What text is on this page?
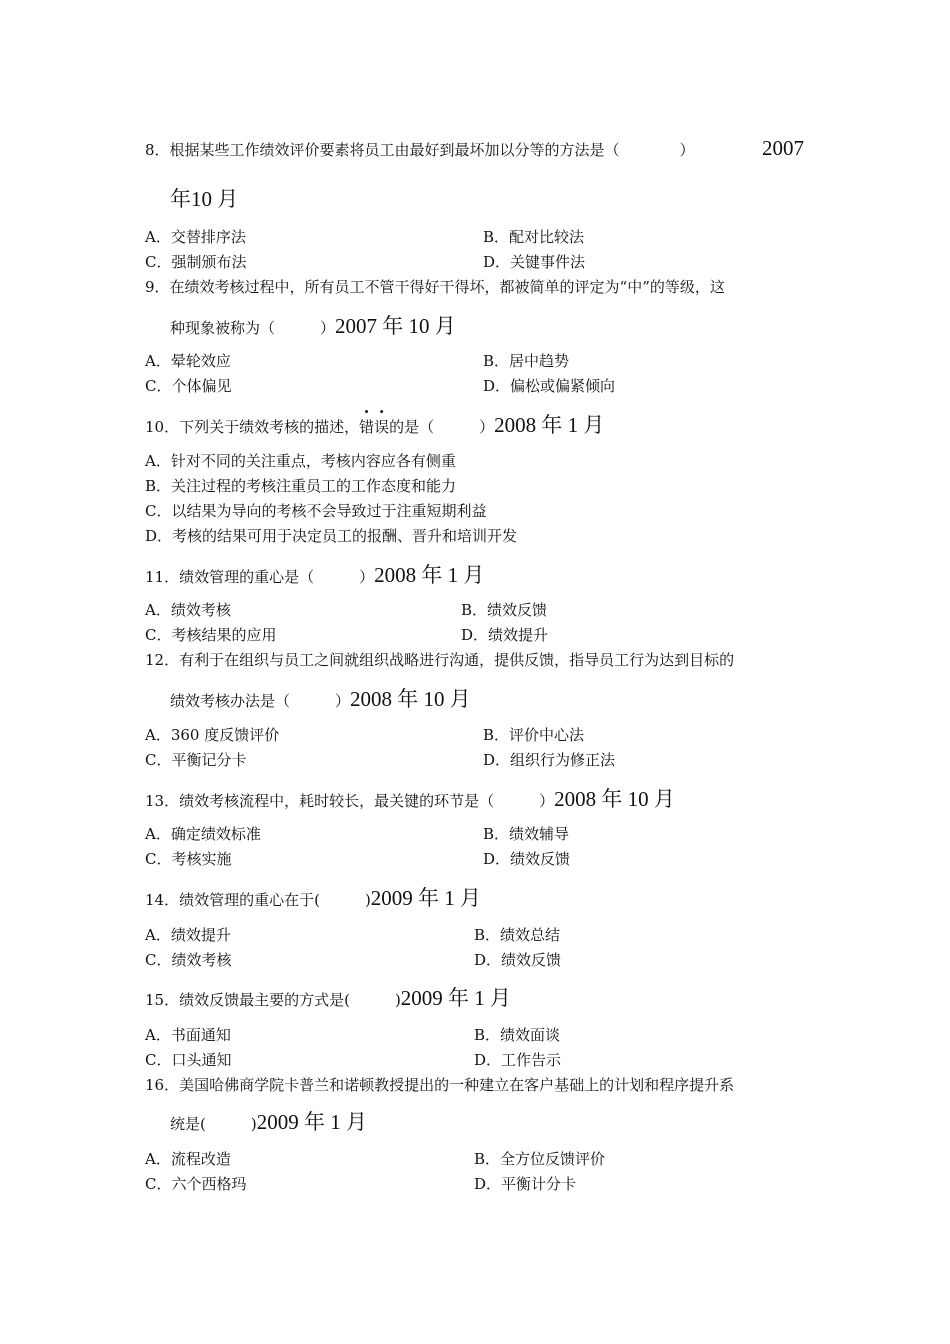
8．根据某些工作绩效评价要素将员工由最好到最坏加以分等的方法是（　　　　）	2007
年10 月
A．交替排序法	B．配对比较法
C．强制颁布法	D．关键事件法
9．在绩效考核过程中，所有员工不管干得好干得坏，都被简单的评定为“中”的等级，这
种现象被称为（　　　）2007 年 10 月
A．晕轮效应	B．居中趋势
C．个体偏见	D．偏松或偏紧倾向
10．下列关于绩效考核的描述，错误的是（　　　）2008 年 1 月
A．针对不同的关注重点，考核内容应各有侧重
B．关注过程的考核注重员工的工作态度和能力
C．以结果为导向的考核不会导致过于注重短期利益
D．考核的结果可用于决定员工的报酬、晋升和培训开发
11．绩效管理的重心是（　　　）2008 年 1 月
A．绩效考核	B．绩效反馈
C．考核结果的应用	D．绩效提升
12．有利于在组织与员工之间就组织战略进行沟通，提供反馈，指导员工行为达到目标的
绩效考核办法是（　　　）2008 年 10 月
A．360 度反馈评价	B．评价中心法
C．平衡记分卡	D．组织行为修正法
13．绩效考核流程中，耗时较长，最关键的环节是（　　　）2008 年 10 月
A．确定绩效标准	B．绩效辅导
C．考核实施	D．绩效反馈
14．绩效管理的重心在于(　　　)2009 年 1 月
A．绩效提升	B．绩效总结
C．绩效考核	D．绩效反馈
15．绩效反馈最主要的方式是(　　　)2009 年 1 月
A．书面通知	B．绩效面谈
C．口头通知	D．工作告示
16．美国哈佛商学院卡普兰和诺顿教授提出的一种建立在客户基础上的计划和程序提升系
统是(　　　)2009 年 1 月
A．流程改造	B．全方位反馈评价
C．六个西格玛	D．平衡计分卡
